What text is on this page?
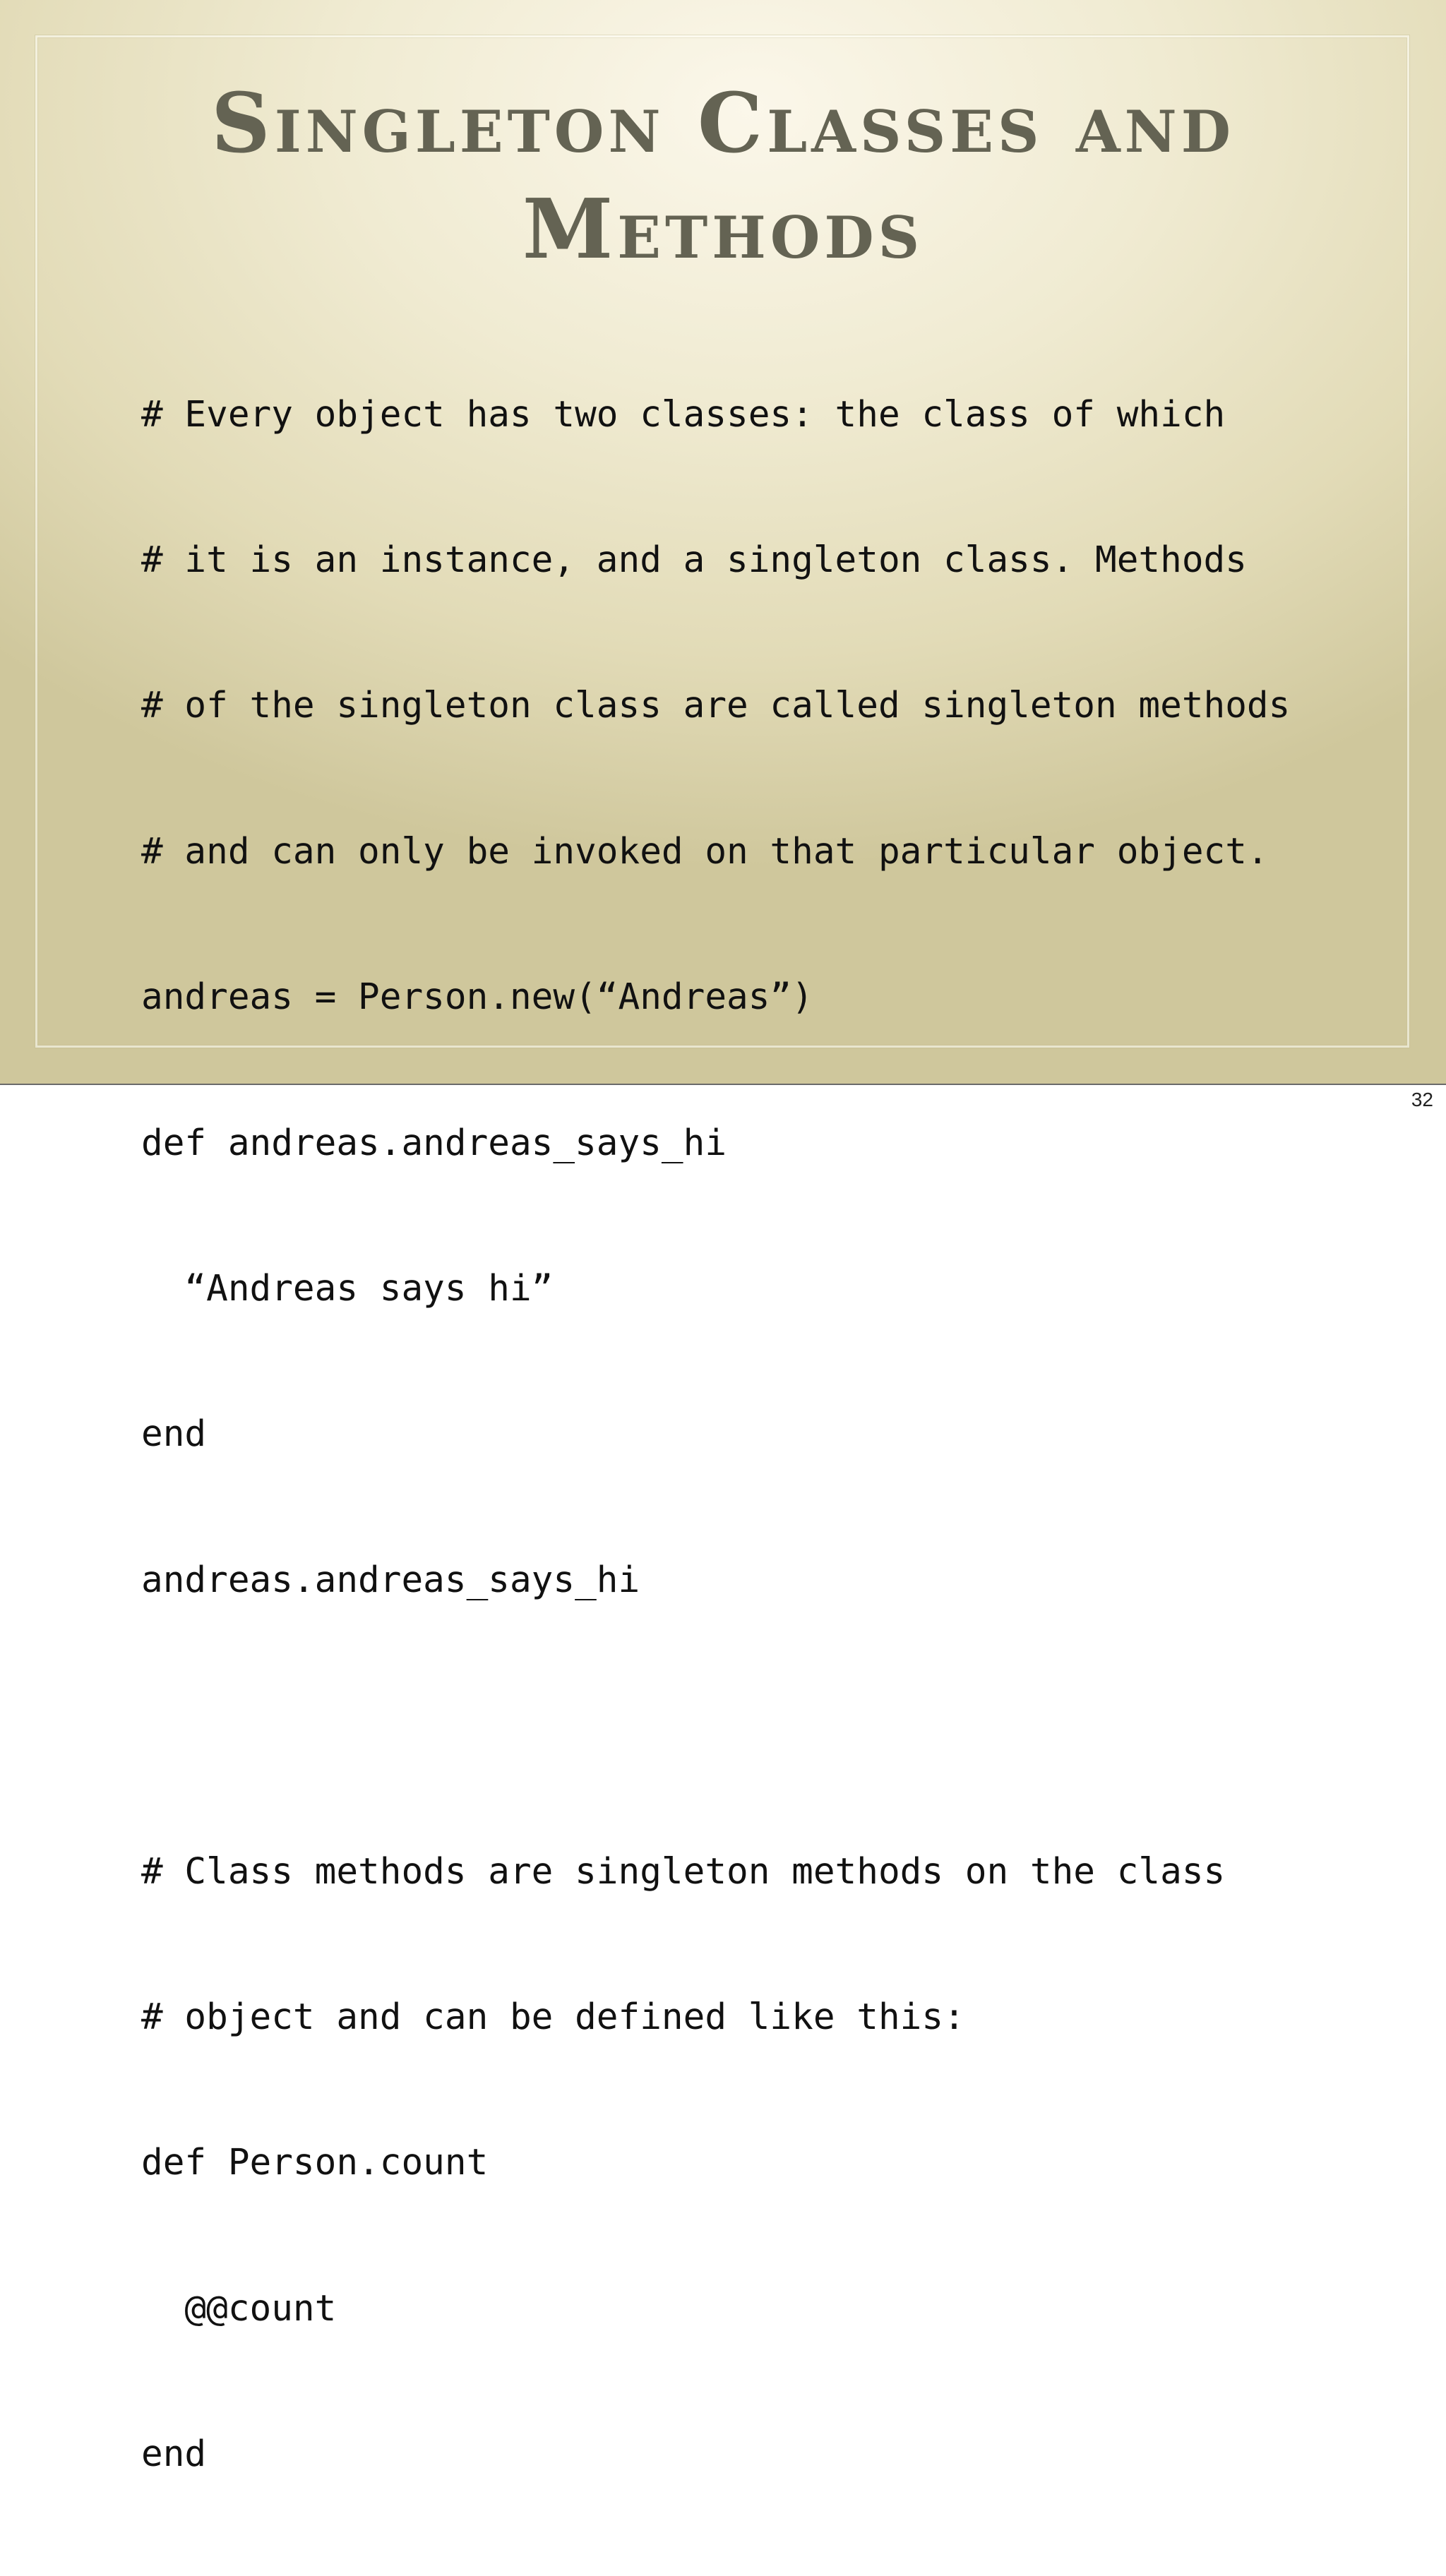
Singleton Classes and
Methods

# Every object has two classes: the class of which

# it is an instance, and a singleton class. Methods

# of the singleton class are called singleton methods

# and can only be invoked on that particular object.

andreas = Person.new(“Andreas”)

def andreas.andreas_says_hi

“Andreas says hi”

end

andreas.andreas_says_hi

# Class methods are singleton methods on the class

# object and can be defined like this:

def Person.count

@@count

end

32
